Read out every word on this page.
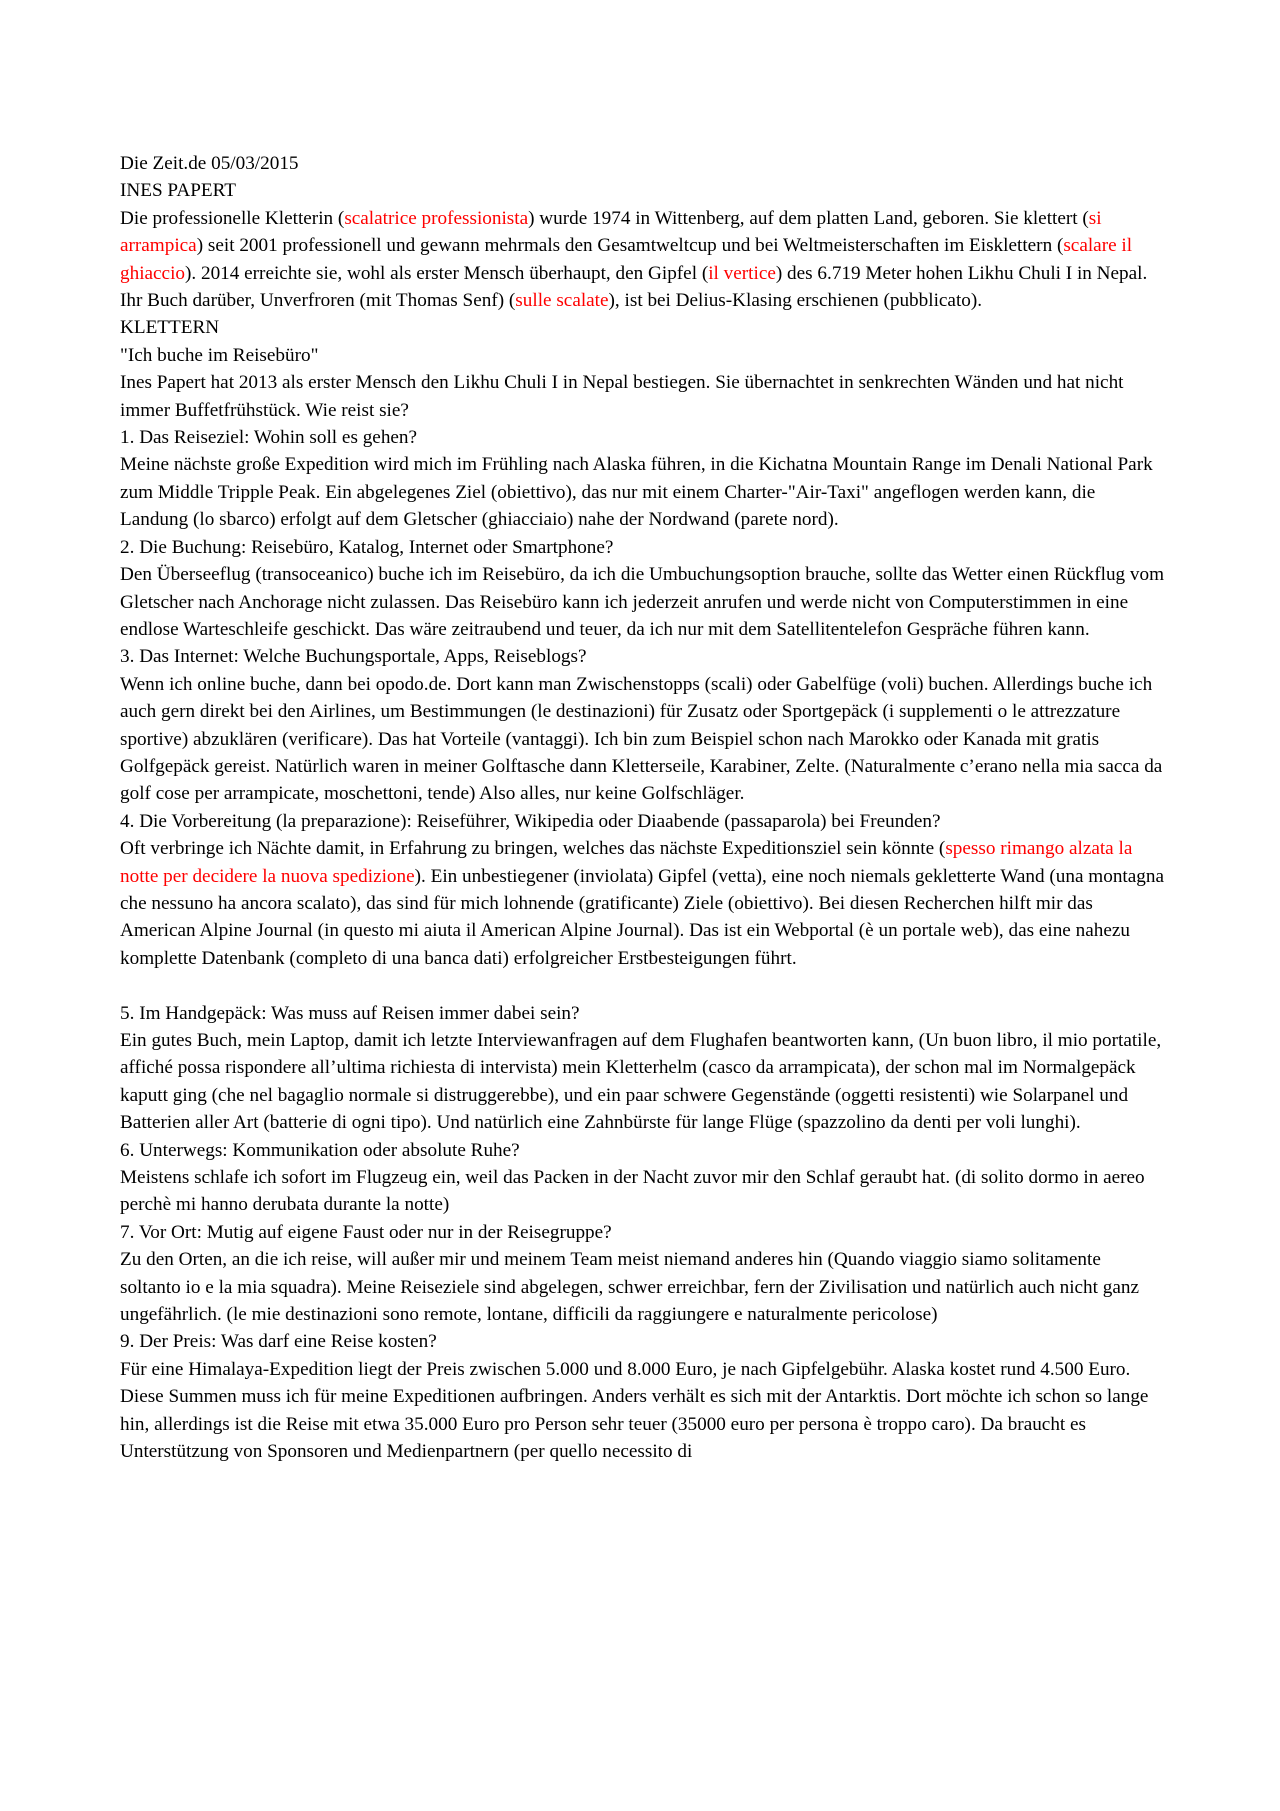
Die Zeit.de 05/03/2015
INES PAPERT
Die professionelle Kletterin (scalatrice professionista) wurde 1974 in Wittenberg, auf dem platten Land, geboren. Sie klettert (si arrampica) seit 2001 professionell und gewann mehrmals den Gesamtweltcup und bei Weltmeisterschaften im Eisklettern (scalare il ghiaccio). 2014 erreichte sie, wohl als erster Mensch überhaupt, den Gipfel (il vertice) des 6.719 Meter hohen Likhu Chuli I in Nepal. Ihr Buch darüber, Unverfroren (mit Thomas Senf) (sulle scalate), ist bei Delius-Klasing erschienen (pubblicato).
KLETTERN
"Ich buche im Reisebüro"
Ines Papert hat 2013 als erster Mensch den Likhu Chuli I in Nepal bestiegen. Sie übernachtet in senkrechten Wänden und hat nicht immer Buffetfrühstück. Wie reist sie?
1. Das Reiseziel: Wohin soll es gehen?
Meine nächste große Expedition wird mich im Frühling nach Alaska führen, in die Kichatna Mountain Range im Denali National Park zum Middle Tripple Peak. Ein abgelegenes Ziel (obiettivo), das nur mit einem Charter-"Air-Taxi" angeflogen werden kann, die Landung (lo sbarco) erfolgt auf dem Gletscher (ghiacciaio) nahe der Nordwand (parete nord).
2. Die Buchung: Reisebüro, Katalog, Internet oder Smartphone?
Den Überseeflug (transoceanico) buche ich im Reisebüro, da ich die Umbuchungsoption brauche, sollte das Wetter einen Rückflug vom Gletscher nach Anchorage nicht zulassen. Das Reisebüro kann ich jederzeit anrufen und werde nicht von Computerstimmen in eine endlose Warteschleife geschickt. Das wäre zeitraubend und teuer, da ich nur mit dem Satellitentelefon Gespräche führen kann.
3. Das Internet: Welche Buchungsportale, Apps, Reiseblogs?
Wenn ich online buche, dann bei opodo.de. Dort kann man Zwischenstopps (scali) oder Gabelfüge (voli) buchen. Allerdings buche ich auch gern direkt bei den Airlines, um Bestimmungen (le destinazioni) für Zusatz oder Sportgepäck (i supplementi o le attrezzature sportive) abzuklären (verificare). Das hat Vorteile (vantaggi). Ich bin zum Beispiel schon nach Marokko oder Kanada mit gratis Golfgepäck gereist. Natürlich waren in meiner Golftasche dann Kletterseile, Karabiner, Zelte. (Naturalmente c’erano nella mia sacca da golf cose per arrampicate, moschettoni, tende) Also alles, nur keine Golfschläger.
4. Die Vorbereitung (la preparazione): Reiseführer, Wikipedia oder Diaabende (passaparola) bei Freunden?
Oft verbringe ich Nächte damit, in Erfahrung zu bringen, welches das nächste Expeditionsziel sein könnte (spesso rimango alzata la notte per decidere la nuova spedizione). Ein unbestiegener (inviolata) Gipfel (vetta), eine noch niemals gekletterte Wand (una montagna che nessuno ha ancora scalato), das sind für mich lohnende (gratificante) Ziele (obiettivo). Bei diesen Recherchen hilft mir das American Alpine Journal (in questo mi aiuta il American Alpine Journal). Das ist ein Webportal (è un portale web), das eine nahezu komplette Datenbank (completo di una banca dati) erfolgreicher Erstbesteigungen führt.
5. Im Handgepäck: Was muss auf Reisen immer dabei sein?
Ein gutes Buch, mein Laptop, damit ich letzte Interviewanfragen auf dem Flughafen beantworten kann, (Un buon libro, il mio portatile, affiché possa rispondere all’ultima richiesta di intervista) mein Kletterhelm (casco da arrampicata), der schon mal im Normalgepäck kaputt ging (che nel bagaglio normale si distruggerebbe), und ein paar schwere Gegenstände (oggetti resistenti) wie Solarpanel und Batterien aller Art (batterie di ogni tipo). Und natürlich eine Zahnbürste für lange Flüge (spazzolino da denti per voli lunghi).
6. Unterwegs: Kommunikation oder absolute Ruhe?
Meistens schlafe ich sofort im Flugzeug ein, weil das Packen in der Nacht zuvor mir den Schlaf geraubt hat. (di solito dormo in aereo perchè mi hanno derubata durante la notte)
7. Vor Ort: Mutig auf eigene Faust oder nur in der Reisegruppe?
Zu den Orten, an die ich reise, will außer mir und meinem Team meist niemand anderes hin (Quando viaggio siamo solitamente soltanto io e la mia squadra). Meine Reiseziele sind abgelegen, schwer erreichbar, fern der Zivilisation und natürlich auch nicht ganz ungefährlich. (le mie destinazioni sono remote, lontane, difficili da raggiungere e naturalmente pericolose)
9. Der Preis: Was darf eine Reise kosten?
Für eine Himalaya-Expedition liegt der Preis zwischen 5.000 und 8.000 Euro, je nach Gipfelgebühr. Alaska kostet rund 4.500 Euro. Diese Summen muss ich für meine Expeditionen aufbringen. Anders verhält es sich mit der Antarktis. Dort möchte ich schon so lange hin, allerdings ist die Reise mit etwa 35.000 Euro pro Person sehr teuer (35000 euro per persona è troppo caro). Da braucht es Unterstützung von Sponsoren und Medienpartnern (per quello necessito di
